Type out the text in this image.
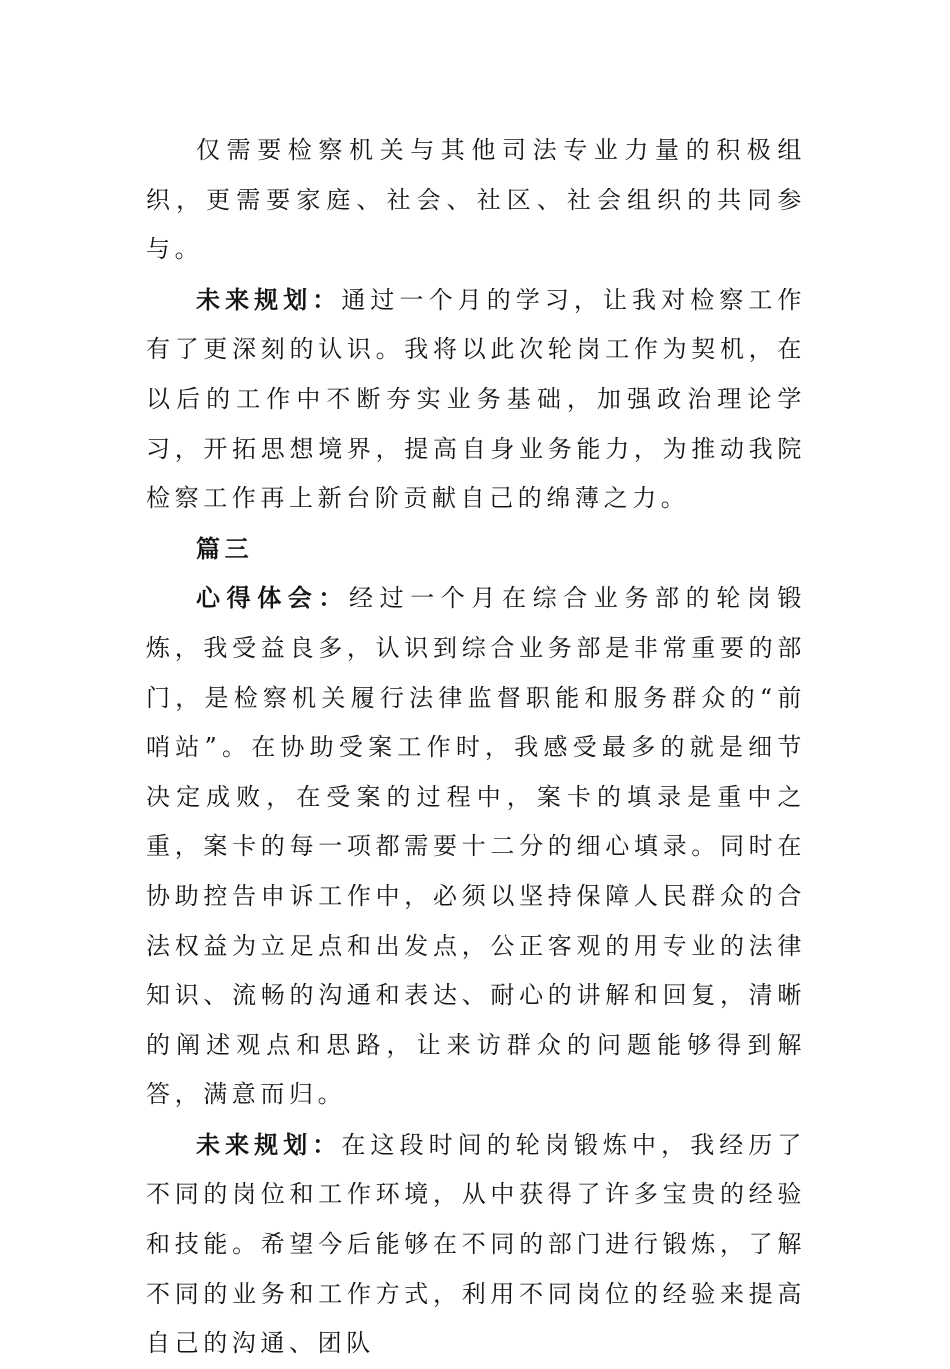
仅需要检察机关与其他司法专业力量的积极组织，更需要家庭、社会、社区、社会组织的共同参与。

未来规划：通过一个月的学习，让我对检察工作有了更深刻的认识。我将以此次轮岗工作为契机，在以后的工作中不断夯实业务基础，加强政治理论学习，开拓思想境界，提高自身业务能力，为推动我院检察工作再上新台阶贡献自己的绵薄之力。

篇三

心得体会：经过一个月在综合业务部的轮岗锻炼，我受益良多，认识到综合业务部是非常重要的部门，是检察机关履行法律监督职能和服务群众的“前哨站”。在协助受案工作时，我感受最多的就是细节决定成败，在受案的过程中，案卡的填录是重中之重，案卡的每一项都需要十二分的细心填录。同时在协助控告申诉工作中，必须以坚持保障人民群众的合法权益为立足点和出发点，公正客观的用专业的法律知识、流畅的沟通和表达、耐心的讲解和回复，清晰的阐述观点和思路，让来访群众的问题能够得到解答，满意而归。

未来规划：在这段时间的轮岗锻炼中，我经历了不同的岗位和工作环境，从中获得了许多宝贵的经验和技能。希望今后能够在不同的部门进行锻炼，了解不同的业务和工作方式，利用不同岗位的经验来提高自己的沟通、团队
